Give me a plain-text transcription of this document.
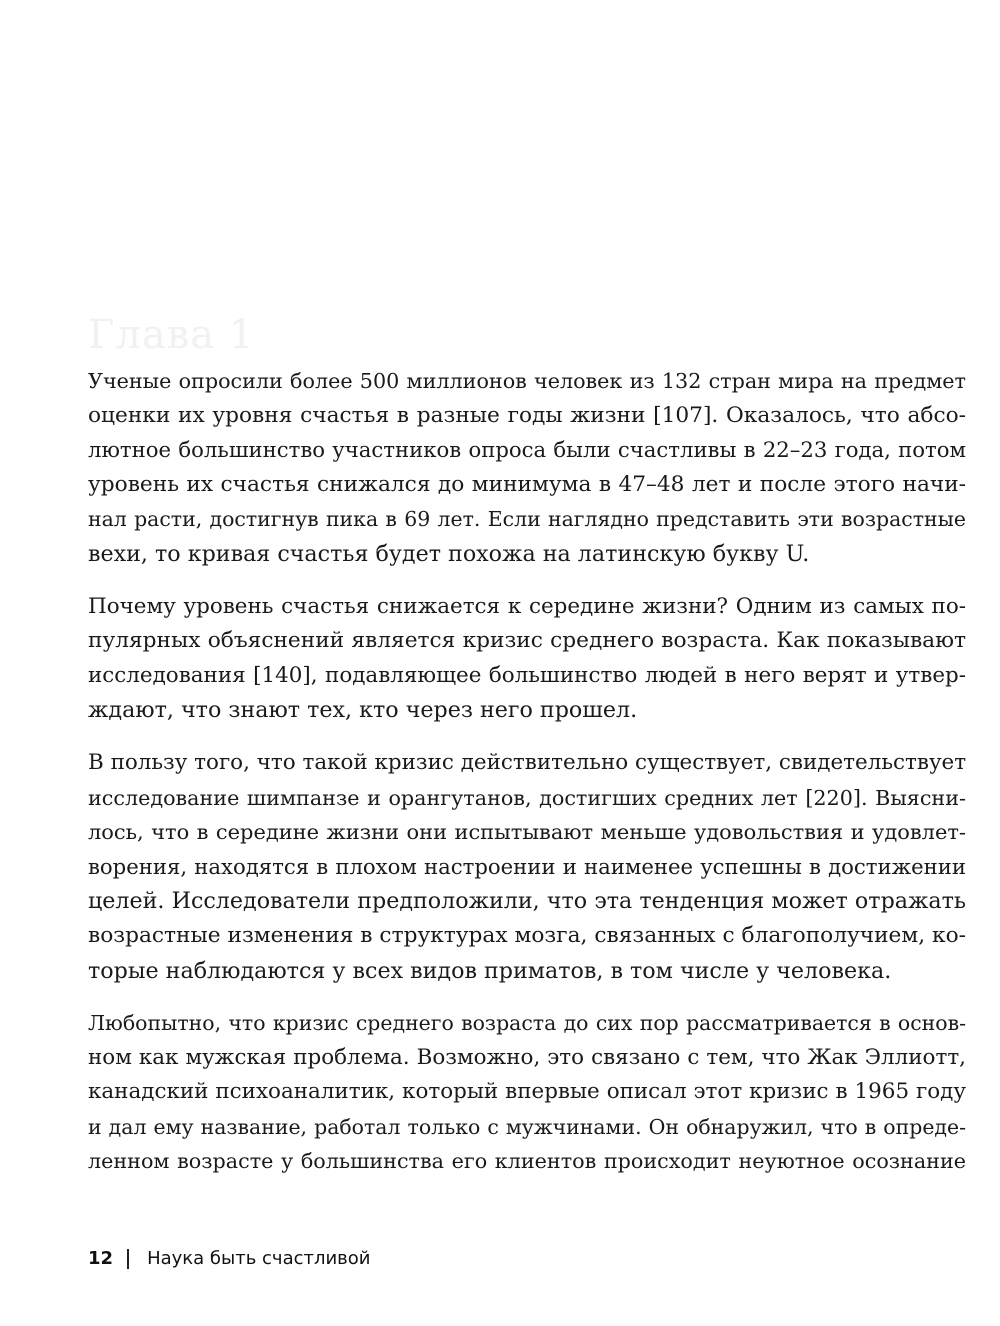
Глава 1

Ученые опросили более 500 миллионов человек из 132 стран мира на предмет
оценки их уровня счастья в разные годы жизни [107]. Оказалось, что абсо-
лютное большинство участников опроса были счастливы в 22–23 года, потом
уровень их счастья снижался до минимума в 47–48 лет и после этого начи-
нал расти, достигнув пика в 69 лет. Если наглядно представить эти возрастные
вехи, то кривая счастья будет похожа на латинскую букву U.

Почему уровень счастья снижается к середине жизни? Одним из самых по-
пулярных объяснений является кризис среднего возраста. Как показывают
исследования [140], подавляющее большинство людей в него верят и утвер-
ждают, что знают тех, кто через него прошел.

В пользу того, что такой кризис действительно существует, свидетельствует
исследование шимпанзе и орангутанов, достигших средних лет [220]. Выясни-
лось, что в середине жизни они испытывают меньше удовольствия и удовлет-
ворения, находятся в плохом настроении и наименее успешны в достижении
целей. Исследователи предположили, что эта тенденция может отражать
возрастные изменения в структурах мозга, связанных с благополучием, ко-
торые наблюдаются у всех видов приматов, в том числе у человека.

Любопытно, что кризис среднего возраста до сих пор рассматривается в основ-
ном как мужская проблема. Возможно, это связано с тем, что Жак Эллиотт,
канадский психоаналитик, который впервые описал этот кризис в 1965 году
и дал ему название, работал только с мужчинами. Он обнаружил, что в опреде-
ленном возрасте у большинства его клиентов происходит неуютное осознание

12 Наука быть счастливой
